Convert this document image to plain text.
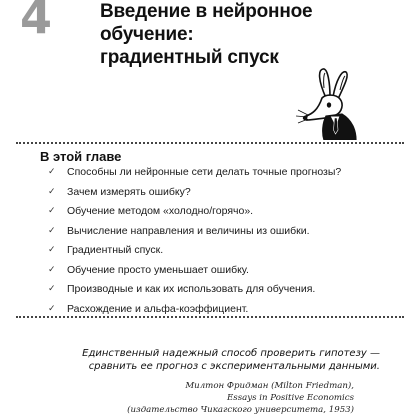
4	Введение в нейронное обучение:
градиентный спуск
В этой главе
✓ Способны ли нейронные сети делать точные прогнозы?
✓ Зачем измерять ошибку?
✓ Обучение методом «холодно/горячо».
✓ Вычисление направления и величины из ошибки.
✓ Градиентный спуск.
✓ Обучение просто уменьшает ошибку.
✓ Производные и как их использовать для обучения.
✓ Расхождение и альфа-коэффициент.
Единственный надежный способ проверить гипотезу —
сравнить ее прогноз с экспериментальными данными.
Милтон Фридман (Milton Friedman),
Essays in Positive Economics
(издательство Чикагского университета, 1953)
